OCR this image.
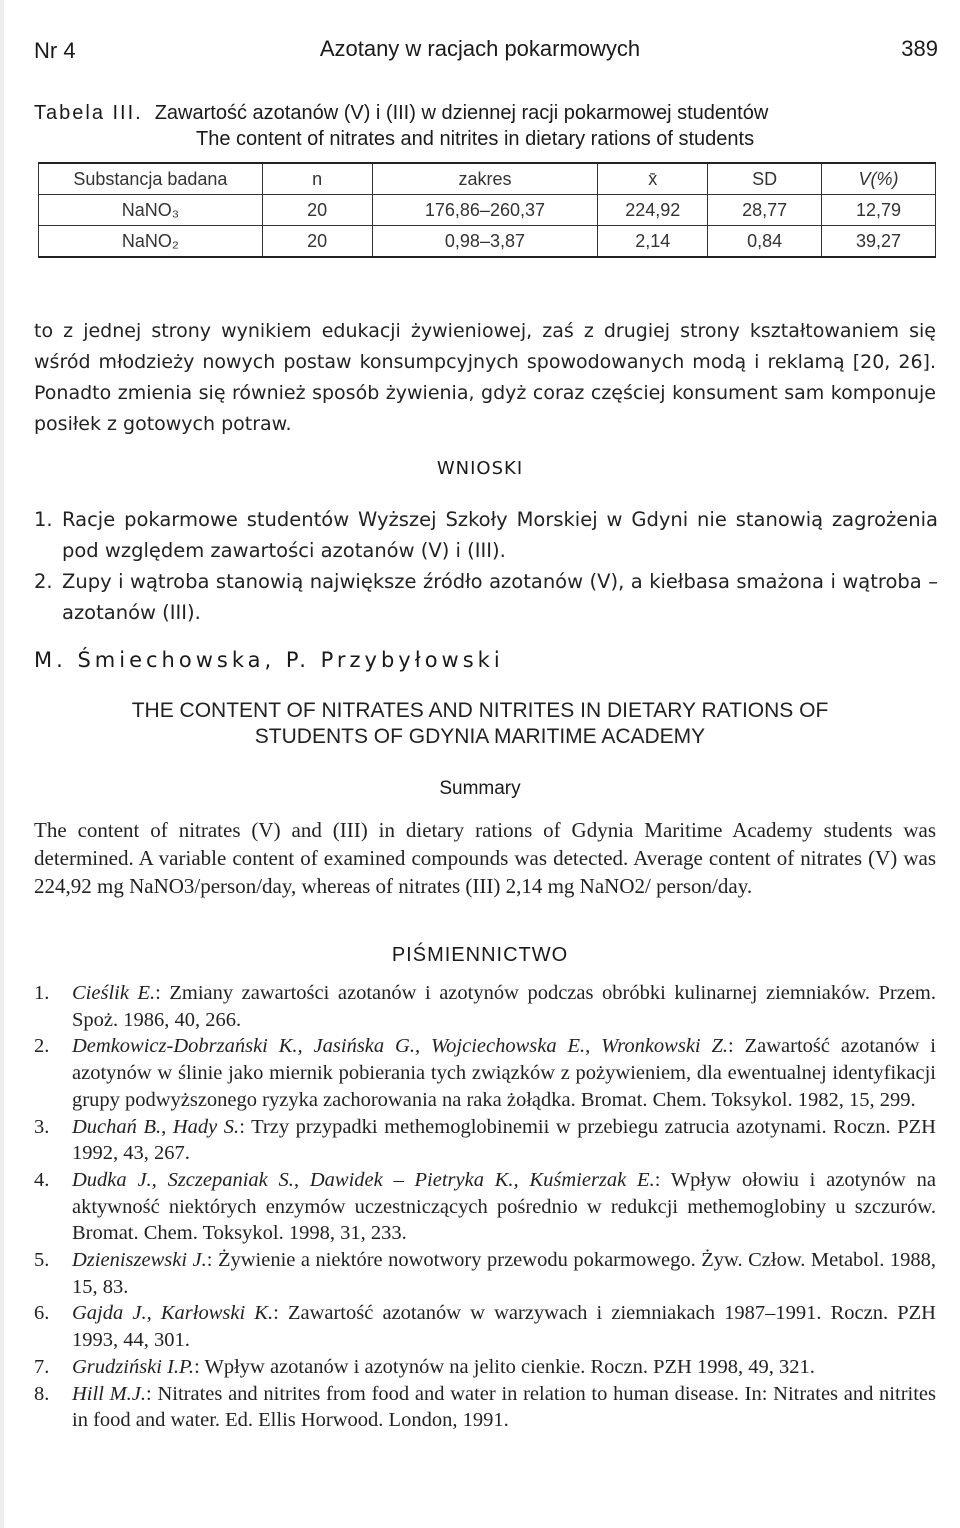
Nr 4	Azotany w racjach pokarmowych	389
Tabela III. Zawartość azotanów (V) i (III) w dziennej racji pokarmowej studentów
The content of nitrates and nitrites in dietary rations of students
Substancja badana	n	zakres	x̄	SD	V(%)
NaNO₃	20	176,86–260,37	224,92	28,77	12,79
NaNO₂	20	0,98–3,87	2,14	0,84	39,27
to z jednej strony wynikiem edukacji żywieniowej, zaś z drugiej strony kształtowaniem się wśród młodzieży nowych postaw konsumpcyjnych spowodowanych modą i reklamą [20, 26]. Ponadto zmienia się również sposób żywienia, gdyż coraz częściej konsument sam komponuje posiłek z gotowych potraw.
WNIOSKI
1. Racje pokarmowe studentów Wyższej Szkoły Morskiej w Gdyni nie stanowią zagrożenia pod względem zawartości azotanów (V) i (III).
2. Zupy i wątroba stanowią największe źródło azotanów (V), a kiełbasa smażona i wątroba – azotanów (III).
M. Śmiechowska, P. Przybyłowski
THE CONTENT OF NITRATES AND NITRITES IN DIETARY RATIONS OF
STUDENTS OF GDYNIA MARITIME ACADEMY
Summary
The content of nitrates (V) and (III) in dietary rations of Gdynia Maritime Academy students was determined. A variable content of examined compounds was detected. Average content of nitrates (V) was 224,92 mg NaNO3/person/day, whereas of nitrates (III) 2,14 mg NaNO2/ person/day.
PIŚMIENNICTWO
1. Cieślik E.: Zmiany zawartości azotanów i azotynów podczas obróbki kulinarnej ziemniaków. Przem. Spoż. 1986, 40, 266.
2. Demkowicz-Dobrzański K., Jasińska G., Wojciechowska E., Wronkowski Z.: Zawartość azotanów i azotynów w ślinie jako miernik pobierania tych związków z pożywieniem, dla ewentualnej identyfikacji grupy podwyższonego ryzyka zachorowania na raka żołądka. Bromat. Chem. Toksykol. 1982, 15, 299.
3. Duchań B., Hady S.: Trzy przypadki methemoglobinemii w przebiegu zatrucia azotynami. Roczn. PZH 1992, 43, 267.
4. Dudka J., Szczepaniak S., Dawidek – Pietryka K., Kuśmierzak E.: Wpływ ołowiu i azotynów na aktywność niektórych enzymów uczestniczących pośrednio w redukcji methemoglobiny u szczurów. Bromat. Chem. Toksykol. 1998, 31, 233.
5. Dzieniszewski J.: Żywienie a niektóre nowotwory przewodu pokarmowego. Żyw. Człow. Metabol. 1988, 15, 83.
6. Gajda J., Karłowski K.: Zawartość azotanów w warzywach i ziemniakach 1987–1991. Roczn. PZH 1993, 44, 301.
7. Grudziński I.P.: Wpływ azotanów i azotynów na jelito cienkie. Roczn. PZH 1998, 49, 321.
8. Hill M.J.: Nitrates and nitrites from food and water in relation to human disease. In: Nitrates and nitrites in food and water. Ed. Ellis Horwood. London, 1991.
